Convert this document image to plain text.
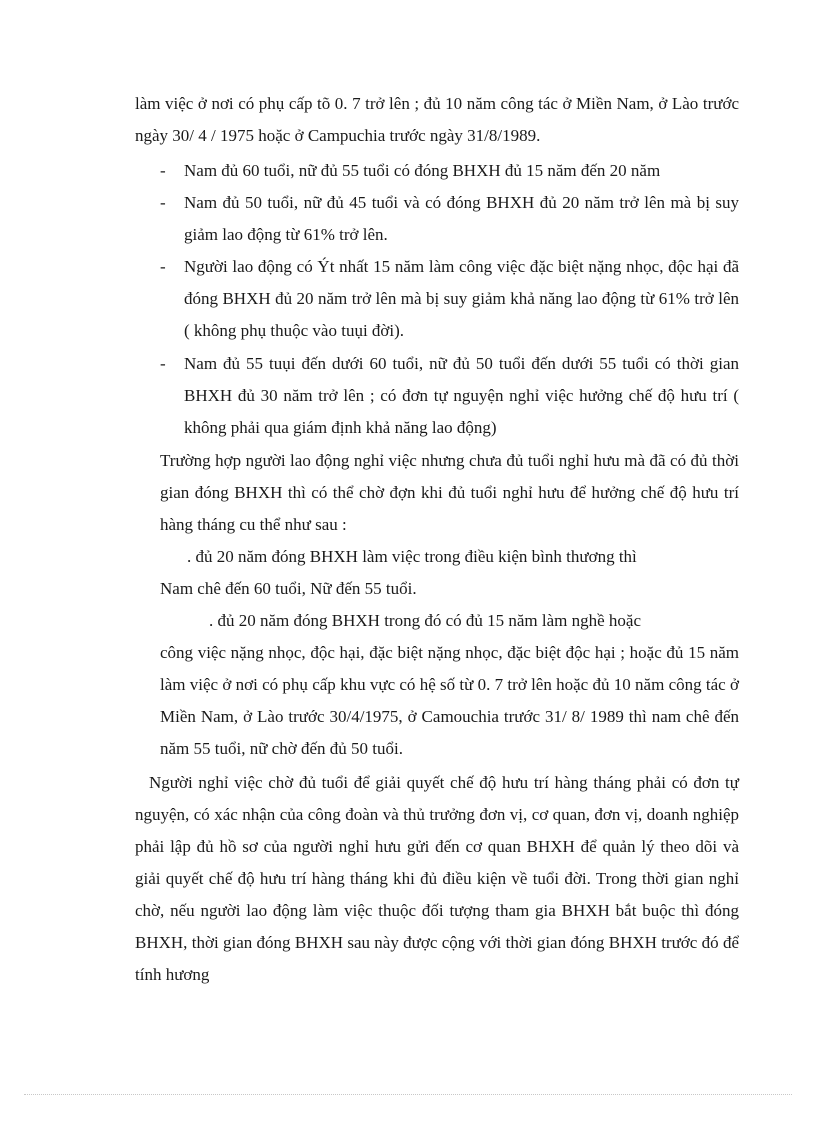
làm việc ở nơi có phụ cấp tõ 0. 7 trở lên ; đủ 10 năm công tác ở Miền Nam, ở Lào trước ngày 30/ 4 / 1975 hoặc ở Campuchia trước ngày 31/8/1989.

- Nam đủ 60 tuổi, nữ đủ 55 tuổi có đóng BHXH đủ 15 năm đến 20 năm
- Nam đủ 50 tuổi, nữ đủ 45 tuổi và có đóng BHXH đủ 20 năm trở lên mà bị suy giảm lao động từ 61% trở lên.
- Người lao động có Ýt nhất 15 năm làm công việc đặc biệt nặng nhọc, độc hại đã đóng BHXH đủ 20 năm trở lên mà bị suy giảm khả năng lao động từ 61% trở lên ( không phụ thuộc vào tuụi đời).
- Nam đủ 55 tuụi đến dưới 60 tuổi, nữ đủ 50 tuổi đến dưới 55 tuổi có thời gian BHXH đủ 30 năm trở lên ; có đơn tự nguyện nghỉ việc hưởng chế độ hưu trí ( không phải qua giám định khả năng lao động)

Trường hợp người lao động nghỉ việc nhưng chưa đủ tuổi nghỉ hưu mà đã có đủ thời gian đóng BHXH thì có thể chờ đợn khi đủ tuổi nghỉ hưu để hưởng chế độ hưu trí hàng tháng cu thể như sau :

. đủ 20 năm đóng BHXH làm việc trong điều kiện bình thương thì

Nam chê đến 60 tuổi, Nữ đến 55 tuổi.

. đủ 20 năm đóng BHXH trong đó có đủ 15 năm làm nghề hoặc

công việc nặng nhọc, độc hại, đặc biệt nặng nhọc, đặc biệt độc hại ; hoặc đủ 15 năm làm việc ở nơi có phụ cấp khu vực có hệ số từ 0. 7 trở lên hoặc đủ 10 năm công tác ở Miền Nam, ở Lào trước 30/4/1975, ở Camouchia trước 31/ 8/ 1989 thì nam chê đến năm 55 tuổi, nữ chờ đến đủ 50 tuổi.

Người nghỉ việc chờ đủ tuổi để giải quyết chế độ hưu trí hàng tháng phải có đơn tự nguyện, có xác nhận của công đoàn và thủ trưởng đơn vị, cơ quan, đơn vị, doanh nghiệp phải lập đủ hồ sơ của người nghỉ hưu gửi đến cơ quan BHXH để quản lý theo dõi và giải quyết chế độ hưu trí hàng tháng khi đủ điều kiện về tuổi đời. Trong thời gian nghỉ chờ, nếu người lao động làm việc thuộc đối tượng tham gia BHXH bắt buộc thì đóng BHXH, thời gian đóng BHXH sau này được cộng với thời gian đóng BHXH trước đó để tính hương
